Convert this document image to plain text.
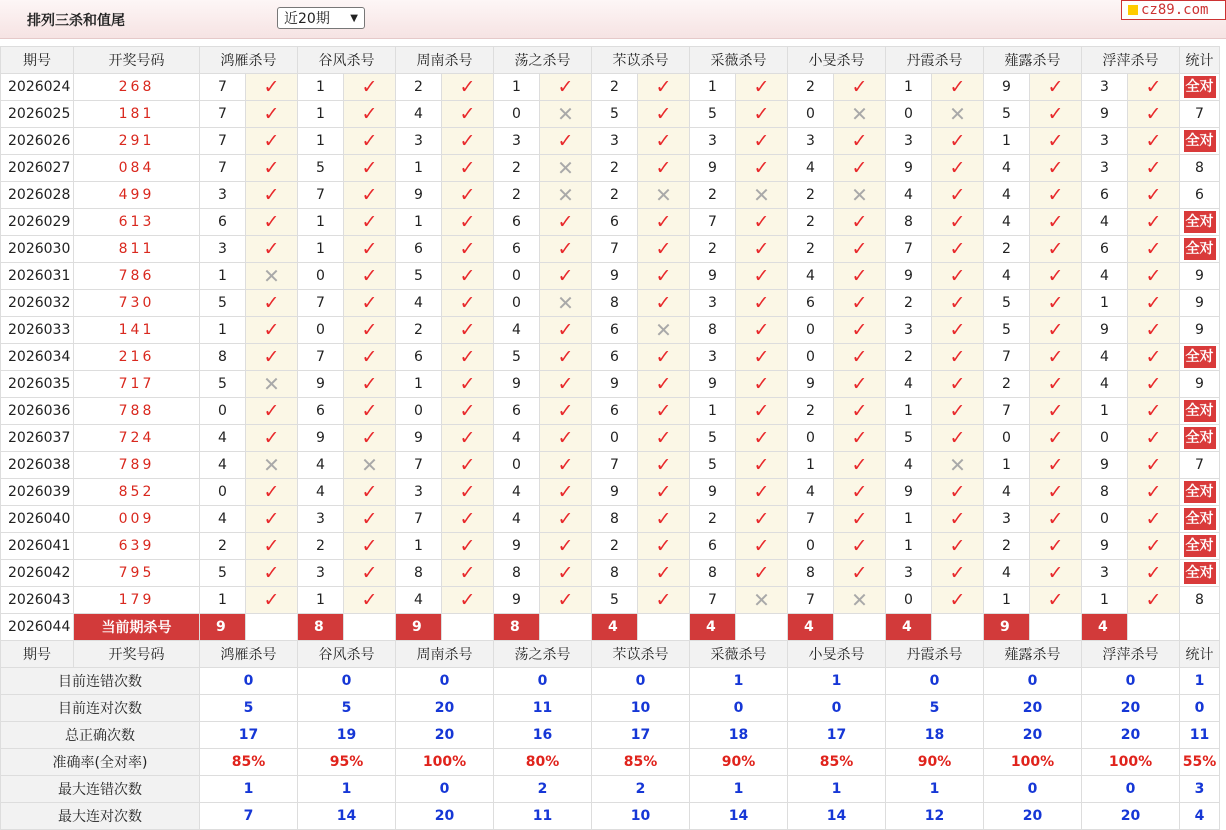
排列三杀和值尾	近20期 ▼
cz89.com
期号	开奖号码	鸿雁杀号		谷风杀号		周南杀号		荡之杀号		芣苡杀号		采薇杀号		小旻杀号		丹霞杀号		薤露杀号		浮萍杀号		统计
2026024	268	7	✓	1	✓	2	✓	1	✓	2	✓	1	✓	2	✓	1	✓	9	✓	3	✓	全对
2026025	181	7	✓	1	✓	4	✓	0	✕	5	✓	5	✓	0	✕	0	✕	5	✓	9	✓	7
2026026	291	7	✓	1	✓	3	✓	3	✓	3	✓	3	✓	3	✓	3	✓	1	✓	3	✓	全对
2026027	084	7	✓	5	✓	1	✓	2	✕	2	✓	9	✓	4	✓	9	✓	4	✓	3	✓	8
2026028	499	3	✓	7	✓	9	✓	2	✕	2	✕	2	✕	2	✕	4	✓	4	✓	6	✓	6
2026029	613	6	✓	1	✓	1	✓	6	✓	6	✓	7	✓	2	✓	8	✓	4	✓	4	✓	全对
2026030	811	3	✓	1	✓	6	✓	6	✓	7	✓	2	✓	2	✓	7	✓	2	✓	6	✓	全对
2026031	786	1	✕	0	✓	5	✓	0	✓	9	✓	9	✓	4	✓	9	✓	4	✓	4	✓	9
2026032	730	5	✓	7	✓	4	✓	0	✕	8	✓	3	✓	6	✓	2	✓	5	✓	1	✓	9
2026033	141	1	✓	0	✓	2	✓	4	✓	6	✕	8	✓	0	✓	3	✓	5	✓	9	✓	9
2026034	216	8	✓	7	✓	6	✓	5	✓	6	✓	3	✓	0	✓	2	✓	7	✓	4	✓	全对
2026035	717	5	✕	9	✓	1	✓	9	✓	9	✓	9	✓	9	✓	4	✓	2	✓	4	✓	9
2026036	788	0	✓	6	✓	0	✓	6	✓	6	✓	1	✓	2	✓	1	✓	7	✓	1	✓	全对
2026037	724	4	✓	9	✓	9	✓	4	✓	0	✓	5	✓	0	✓	5	✓	0	✓	0	✓	全对
2026038	789	4	✕	4	✕	7	✓	0	✓	7	✓	5	✓	1	✓	4	✕	1	✓	9	✓	7
2026039	852	0	✓	4	✓	3	✓	4	✓	9	✓	9	✓	4	✓	9	✓	4	✓	8	✓	全对
2026040	009	4	✓	3	✓	7	✓	4	✓	8	✓	2	✓	7	✓	1	✓	3	✓	0	✓	全对
2026041	639	2	✓	2	✓	1	✓	9	✓	2	✓	6	✓	0	✓	1	✓	2	✓	9	✓	全对
2026042	795	5	✓	3	✓	8	✓	8	✓	8	✓	8	✓	8	✓	3	✓	4	✓	3	✓	全对
2026043	179	1	✓	1	✓	4	✓	9	✓	5	✓	7	✕	7	✕	0	✓	1	✓	1	✓	8
2026044	当前期杀号	9		8		9		8		4		4		4		4		9		4		
期号	开奖号码	鸿雁杀号		谷风杀号		周南杀号		荡之杀号		芣苡杀号		采薇杀号		小旻杀号		丹霞杀号		薤露杀号		浮萍杀号		统计
目前连错次数		0		0		0		0		0		1		1		0		0		0		1
目前连对次数		5		5		20		11		10		0		0		5		20		20		0
总正确次数		17		19		20		16		17		18		17		18		20		20		11
准确率(全对率)		85%		95%		100%		80%		85%		90%		85%		90%		100%		100%		55%
最大连错次数		1		1		0		2		2		1		1		1		0		0		3
最大连对次数		7		14		20		11		10		14		14		12		20		20		4
